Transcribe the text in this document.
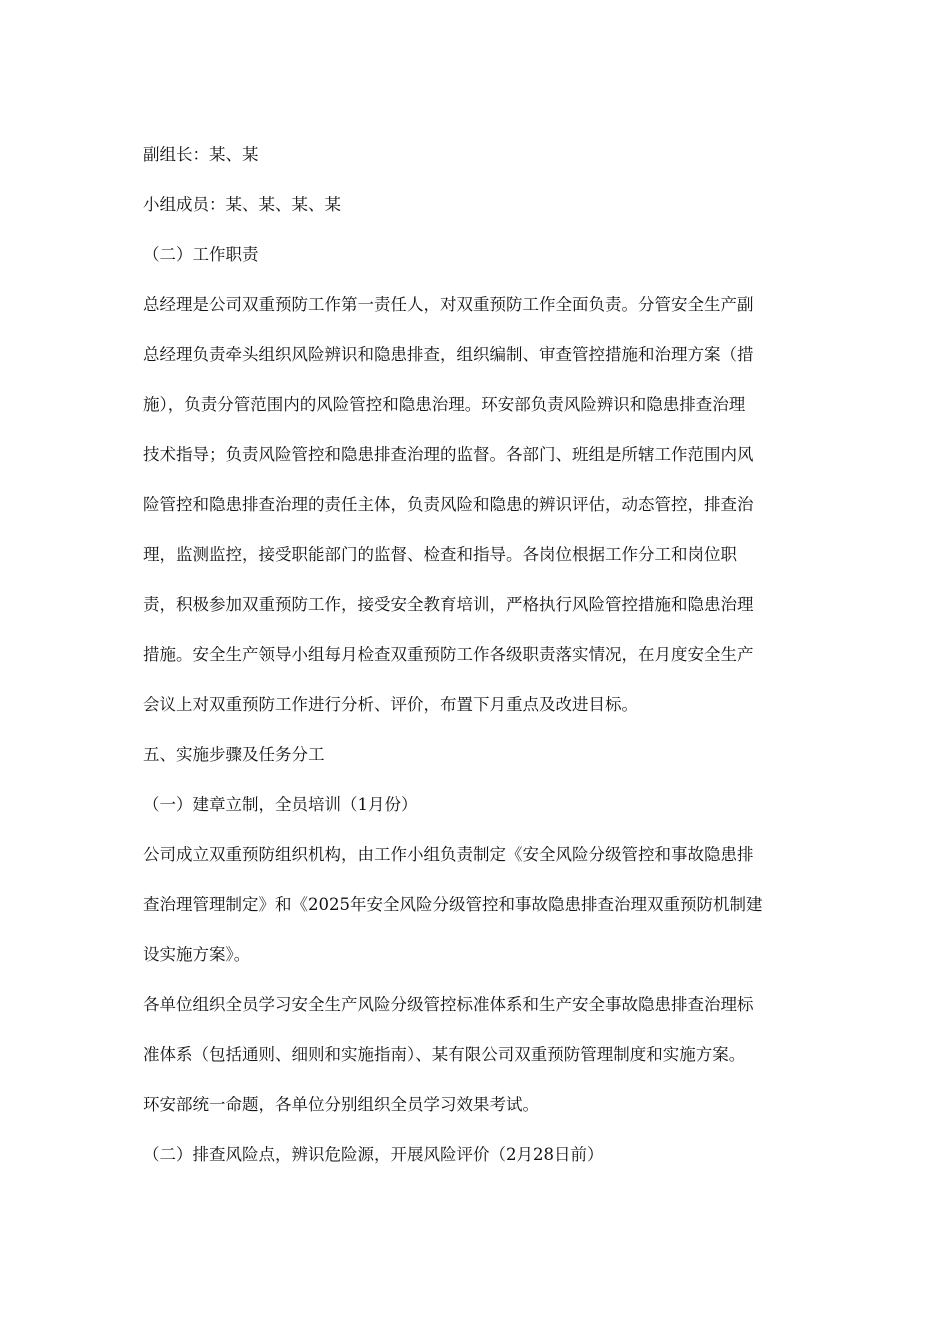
副组长：某、某
小组成员：某、某、某、某
（二）工作职责
总经理是公司双重预防工作第一责任人，对双重预防工作全面负责。分管安全生产副
总经理负责牵头组织风险辨识和隐患排查，组织编制、审查管控措施和治理方案（措
施），负责分管范围内的风险管控和隐患治理。环安部负责风险辨识和隐患排查治理
技术指导；负责风险管控和隐患排查治理的监督。各部门、班组是所辖工作范围内风
险管控和隐患排查治理的责任主体，负责风险和隐患的辨识评估，动态管控，排查治
理，监测监控，接受职能部门的监督、检查和指导。各岗位根据工作分工和岗位职
责，积极参加双重预防工作，接受安全教育培训，严格执行风险管控措施和隐患治理
措施。安全生产领导小组每月检查双重预防工作各级职责落实情况，在月度安全生产
会议上对双重预防工作进行分析、评价，布置下月重点及改进目标。
五、实施步骤及任务分工
（一）建章立制，全员培训（1月份）
公司成立双重预防组织机构，由工作小组负责制定《安全风险分级管控和事故隐患排
查治理管理制定》和《2025年安全风险分级管控和事故隐患排查治理双重预防机制建
设实施方案》。
各单位组织全员学习安全生产风险分级管控标准体系和生产安全事故隐患排查治理标
准体系（包括通则、细则和实施指南）、某有限公司双重预防管理制度和实施方案。
环安部统一命题，各单位分别组织全员学习效果考试。
（二）排查风险点，辨识危险源，开展风险评价（2月28日前）
